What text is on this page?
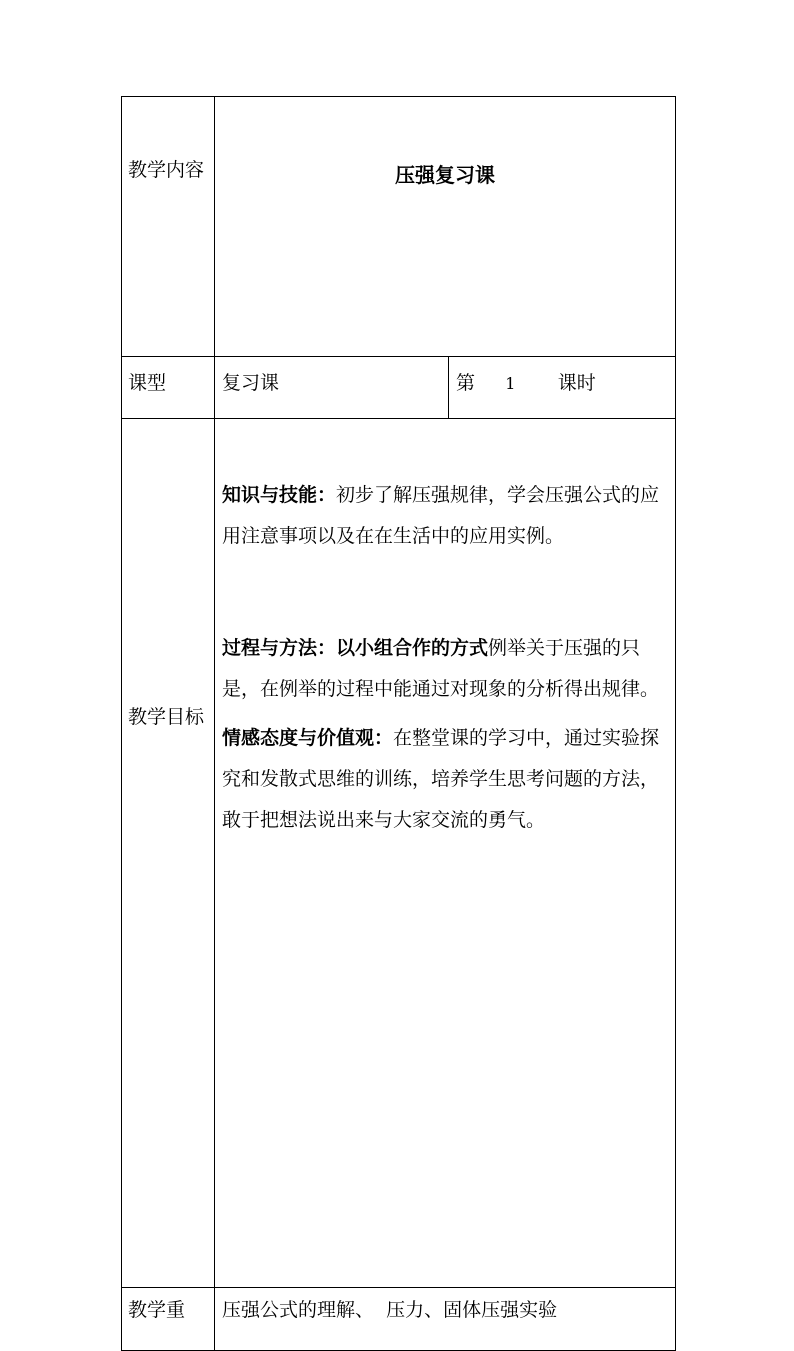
教学内容	压强复习课	

课型	复习课	第 1 课时
教学目标	知识与技能：初步了解压强规律，学会压强公式的应用注意事项以及在在生活中的应用实例。

过程与方法：以小组合作的方式例举关于压强的只是，在例举的过程中能通过对现象的分析得出规律。

情感态度与价值观：在整堂课的学习中，通过实验探究和发散式思维的训练，培养学生思考问题的方法，敢于把想法说出来与大家交流的勇气。	

教学重	压强公式的理解、  压力、固体压强实验	
